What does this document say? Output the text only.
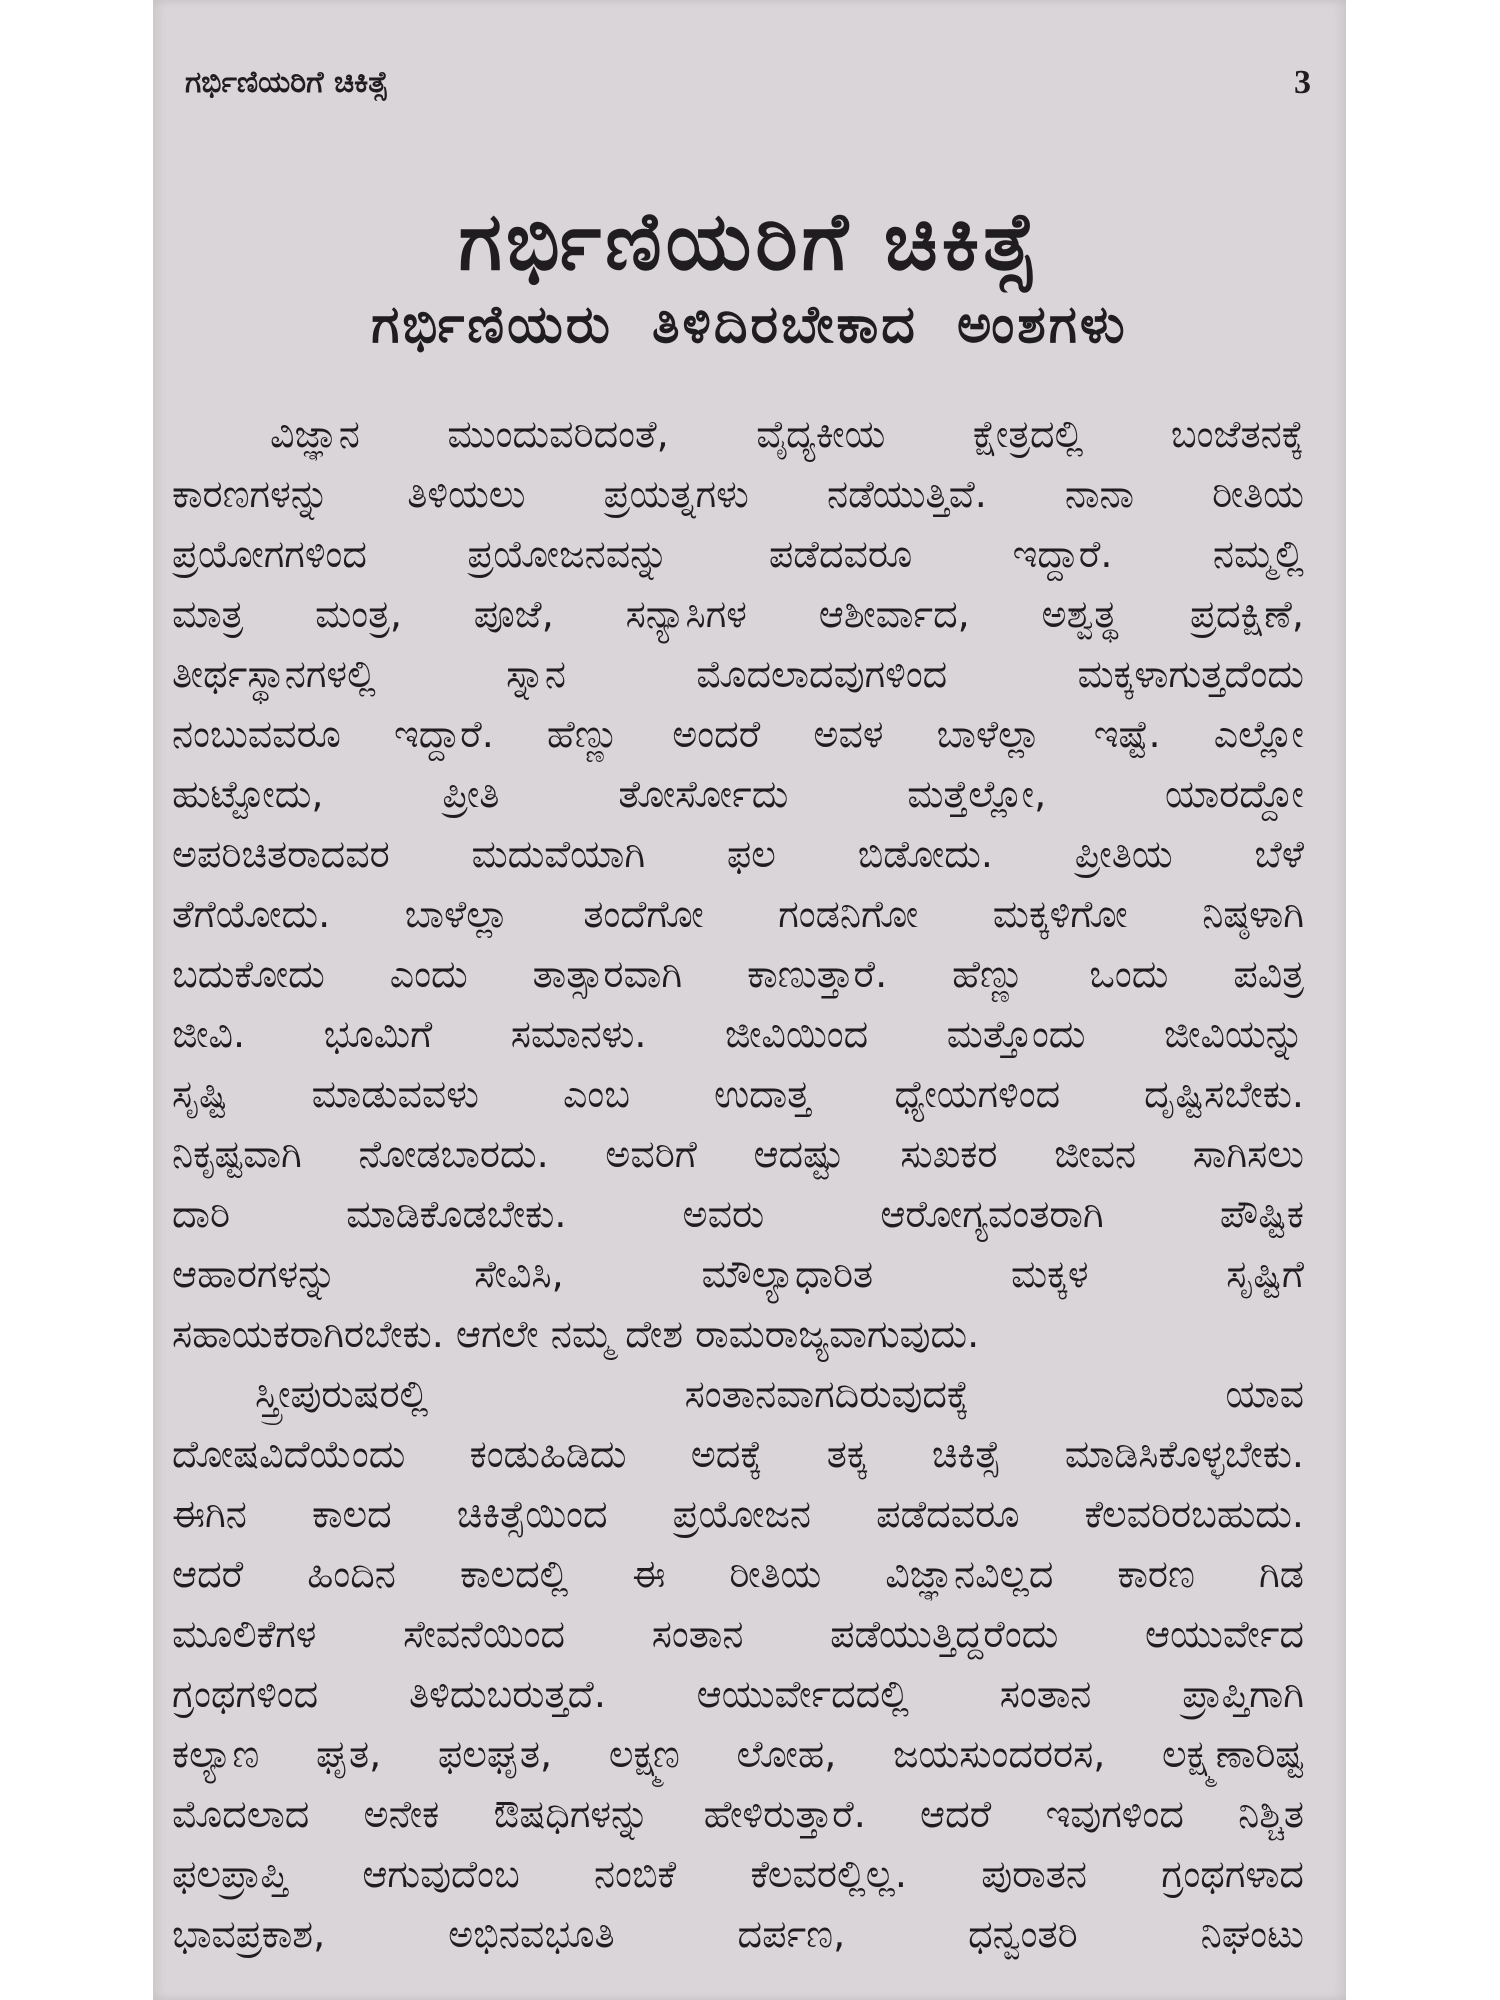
ಗರ್ಭಿಣಿಯರಿಗೆ ಚಿಕಿತ್ಸೆ	3
ಗರ್ಭಿಣಿಯರಿಗೆ ಚಿಕಿತ್ಸೆ
ಗರ್ಭಿಣಿಯರು ತಿಳಿದಿರಬೇಕಾದ ಅಂಶಗಳು
ವಿಜ್ಞಾನ ಮುಂದುವರಿದಂತೆ, ವೈದ್ಯಕೀಯ ಕ್ಷೇತ್ರದಲ್ಲಿ ಬಂಜೆತನಕ್ಕೆ
ಕಾರಣಗಳನ್ನು ತಿಳಿಯಲು ಪ್ರಯತ್ನಗಳು ನಡೆಯುತ್ತಿವೆ. ನಾನಾ ರೀತಿಯ
ಪ್ರಯೋಗಗಳಿಂದ ಪ್ರಯೋಜನವನ್ನು ಪಡೆದವರೂ ಇದ್ದಾರೆ. ನಮ್ಮಲ್ಲಿ
ಮಾತ್ರ ಮಂತ್ರ, ಪೂಜೆ, ಸನ್ಯಾಸಿಗಳ ಆಶೀರ್ವಾದ, ಅಶ್ವತ್ಥ ಪ್ರದಕ್ಷಿಣೆ,
ತೀರ್ಥಸ್ಥಾನಗಳಲ್ಲಿ ಸ್ನಾನ ಮೊದಲಾದವುಗಳಿಂದ ಮಕ್ಕಳಾಗುತ್ತದೆಂದು
ನಂಬುವವರೂ ಇದ್ದಾರೆ. ಹೆಣ್ಣು ಅಂದರೆ ಅವಳ ಬಾಳೆಲ್ಲಾ ಇಷ್ಟೆ. ಎಲ್ಲೋ
ಹುಟ್ಟೋದು, ಪ್ರೀತಿ ತೋರ್ಸೋದು ಮತ್ತೆಲ್ಲೋ, ಯಾರದ್ದೋ
ಅಪರಿಚಿತರಾದವರ ಮದುವೆಯಾಗಿ ಫಲ ಬಿಡೋದು. ಪ್ರೀತಿಯ ಬೆಳೆ
ತೆಗೆಯೋದು. ಬಾಳೆಲ್ಲಾ ತಂದೆಗೋ ಗಂಡನಿಗೋ ಮಕ್ಕಳಿಗೋ ನಿಷ್ಠಳಾಗಿ
ಬದುಕೋದು ಎಂದು ತಾತ್ಸಾರವಾಗಿ ಕಾಣುತ್ತಾರೆ. ಹೆಣ್ಣು ಒಂದು ಪವಿತ್ರ
ಜೀವಿ. ಭೂಮಿಗೆ ಸಮಾನಳು. ಜೀವಿಯಿಂದ ಮತ್ತೊಂದು ಜೀವಿಯನ್ನು
ಸೃಷ್ಟಿ ಮಾಡುವವಳು ಎಂಬ ಉದಾತ್ತ ಧ್ಯೇಯಗಳಿಂದ ದೃಷ್ಟಿಸಬೇಕು.
ನಿಕೃಷ್ಟವಾಗಿ ನೋಡಬಾರದು. ಅವರಿಗೆ ಆದಷ್ಟು ಸುಖಕರ ಜೀವನ ಸಾಗಿಸಲು
ದಾರಿ ಮಾಡಿಕೊಡಬೇಕು. ಅವರು ಆರೋಗ್ಯವಂತರಾಗಿ ಪೌಷ್ಟಿಕ
ಆಹಾರಗಳನ್ನು ಸೇವಿಸಿ, ಮೌಲ್ಯಾಧಾರಿತ ಮಕ್ಕಳ ಸೃಷ್ಟಿಗೆ
ಸಹಾಯಕರಾಗಿರಬೇಕು. ಆಗಲೇ ನಮ್ಮ ದೇಶ ರಾಮರಾಜ್ಯವಾಗುವುದು.
ಸ್ತ್ರೀಪುರುಷರಲ್ಲಿ ಸಂತಾನವಾಗದಿರುವುದಕ್ಕೆ ಯಾವ
ದೋಷವಿದೆಯೆಂದು ಕಂಡುಹಿಡಿದು ಅದಕ್ಕೆ ತಕ್ಕ ಚಿಕಿತ್ಸೆ ಮಾಡಿಸಿಕೊಳ್ಳಬೇಕು.
ಈಗಿನ ಕಾಲದ ಚಿಕಿತ್ಸೆಯಿಂದ ಪ್ರಯೋಜನ ಪಡೆದವರೂ ಕೆಲವರಿರಬಹುದು.
ಆದರೆ ಹಿಂದಿನ ಕಾಲದಲ್ಲಿ ಈ ರೀತಿಯ ವಿಜ್ಞಾನವಿಲ್ಲದ ಕಾರಣ ಗಿಡ
ಮೂಲಿಕೆಗಳ ಸೇವನೆಯಿಂದ ಸಂತಾನ ಪಡೆಯುತ್ತಿದ್ದರೆಂದು ಆಯುರ್ವೇದ
ಗ್ರಂಥಗಳಿಂದ ತಿಳಿದುಬರುತ್ತದೆ. ಆಯುರ್ವೇದದಲ್ಲಿ ಸಂತಾನ ಪ್ರಾಪ್ತಿಗಾಗಿ
ಕಲ್ಯಾಣ ಘೃತ, ಫಲಘೃತ, ಲಕ್ಷ್ಮಣ ಲೋಹ, ಜಯಸುಂದರರಸ, ಲಕ್ಷ್ಮಣಾರಿಷ್ಟ
ಮೊದಲಾದ ಅನೇಕ ಔಷಧಿಗಳನ್ನು ಹೇಳಿರುತ್ತಾರೆ. ಆದರೆ ಇವುಗಳಿಂದ ನಿಶ್ಚಿತ
ಫಲಪ್ರಾಪ್ತಿ ಆಗುವುದೆಂಬ ನಂಬಿಕೆ ಕೆಲವರಲ್ಲಿಲ್ಲ. ಪುರಾತನ ಗ್ರಂಥಗಳಾದ
ಭಾವಪ್ರಕಾಶ, ಅಭಿನವಭೂತಿ ದರ್ಪಣ, ಧನ್ವಂತರಿ ನಿಘಂಟು
